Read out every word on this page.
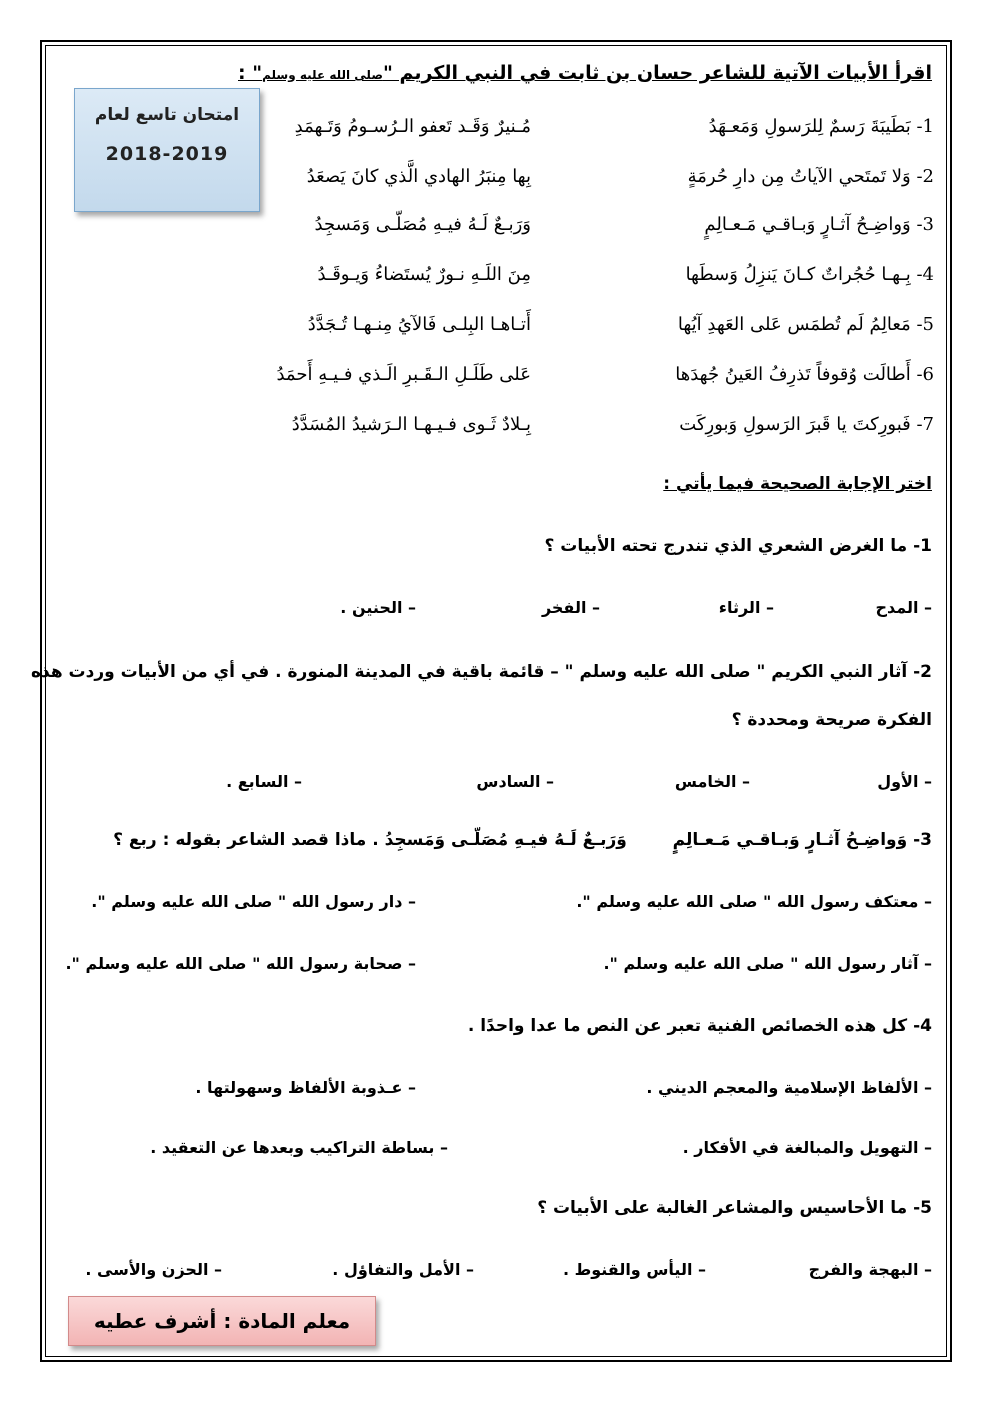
اقرأ الأبيات الآتية للشاعر حسان بن ثابت في النبي الكريم "صلى الله عليه وسلم" :
امتحان تاسع لعام
2018-2019
1- بَطَيبَةَ رَسمٌ لِلرَسولِ وَمَعـهَدُ
مُـنيرٌ وَقَـد تَعفو الـرُسـومُ وَتَـهمَدِ
2- وَلا تَمتَحي الآياتُ مِن دارِ حُرمَةٍ
بِها مِنبَرُ الهادي الَّذي كانَ يَصعَدُ
3- وَواضِـحُ آثـارٍ وَبـاقـي مَـعـالِمٍ
وَرَبـعٌ لَـهُ فيـهِ مُصَلّـى وَمَسجِدُ
4- بِـهـا حُجُراتٌ كـانَ يَنزِلُ وَسطَها
مِنَ اللَـهِ نـورٌ يُستَضاءُ وَيـوقَـدُ
5- مَعالِمُ لَم تُطمَس عَلى العَهدِ آيُها
أَتـاهـا البِلـى فَالآيُ مِنـهـا تُـجَدَّدُ
6- أَطالَت وُقوفاً تَذرِفُ العَينُ جُهدَها
عَلى طَلَـلِ الـقَـبرِ الَـذي فـيـهِ أَحمَدُ
7- فَبورِكتَ يا قَبرَ الرَسولِ وَبورِكَت
بِـلادٌ ثَـوى فـيـهـا الـرَشيدُ المُسَدَّدُ
اختر الإجابة الصحيحة فيما يأتي :
1- ما الغرض الشعري الذي تندرج تحته الأبيات ؟
– المدح
– الرثاء
– الفخر
– الحنين .
2- آثار النبي الكريم " صلى الله عليه وسلم " – قائمة باقية في المدينة المنورة . في أي من الأبيات وردت هذه
الفكرة صريحة ومحددة ؟
– الأول
– الخامس
– السادس
– السابع .
3- وَواضِـحُ آثـارٍ وَبـاقـي مَـعـالِمٍ  وَرَبـعٌ لَـهُ فيـهِ مُصَلّـى وَمَسجِدُ . ماذا قصد الشاعر بقوله : ربع ؟
– معتكف رسول الله " صلى الله عليه وسلم ".
– دار رسول الله " صلى الله عليه وسلم ".
– آثار رسول الله " صلى الله عليه وسلم ".
– صحابة رسول الله " صلى الله عليه وسلم ".
4- كل هذه الخصائص الفنية تعبر عن النص ما عدا واحدًا .
– الألفاظ الإسلامية والمعجم الديني .
– عـذوبة الألفاظ وسهولتها .
– التهويل والمبالغة في الأفكار .
– بساطة التراكيب وبعدها عن التعقيد .
5- ما الأحاسيس والمشاعر الغالبة على الأبيات ؟
– البهجة والفرج
– اليأس والقنوط .
– الأمل والتفاؤل .
– الحزن والأسى .
معلم المادة : أشرف عطيه
